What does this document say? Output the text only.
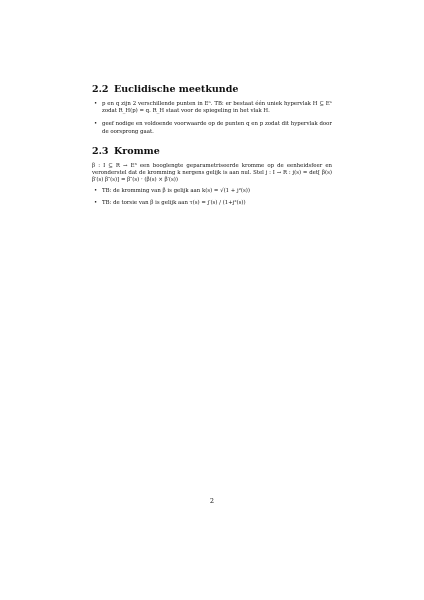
2.2 Euclidische meetkunde
• p en q zijn 2 verschillende punten in Eⁿ. TB: er bestaat één uniek hypervlak H ⊆ Eⁿ zodat R_H(p) = q. R_H staat voor de spiegeling in het vlak H.
• geef nodige en voldoende voorwaarde op de punten q en p zodat dit hypervlak door de oorsprong gaat.
2.3 Kromme

β : I ⊆ R → E³ een booglengte geparametriseerde kromme op de eenheidsfeer en veronderstel dat de kromming k nergens gelijk is aan nul. Stel j : I → R : j(s) = det[ β(s) β′(s) β″(s)] = β″(s) · (β(s) × β′(s))

• TB: de kromming van β is gelijk aan k(s) = √(1 + j²(s))
• TB: de torsie van β is gelijk aan τ(s) = j′(s) / (1+j²(s))
2
